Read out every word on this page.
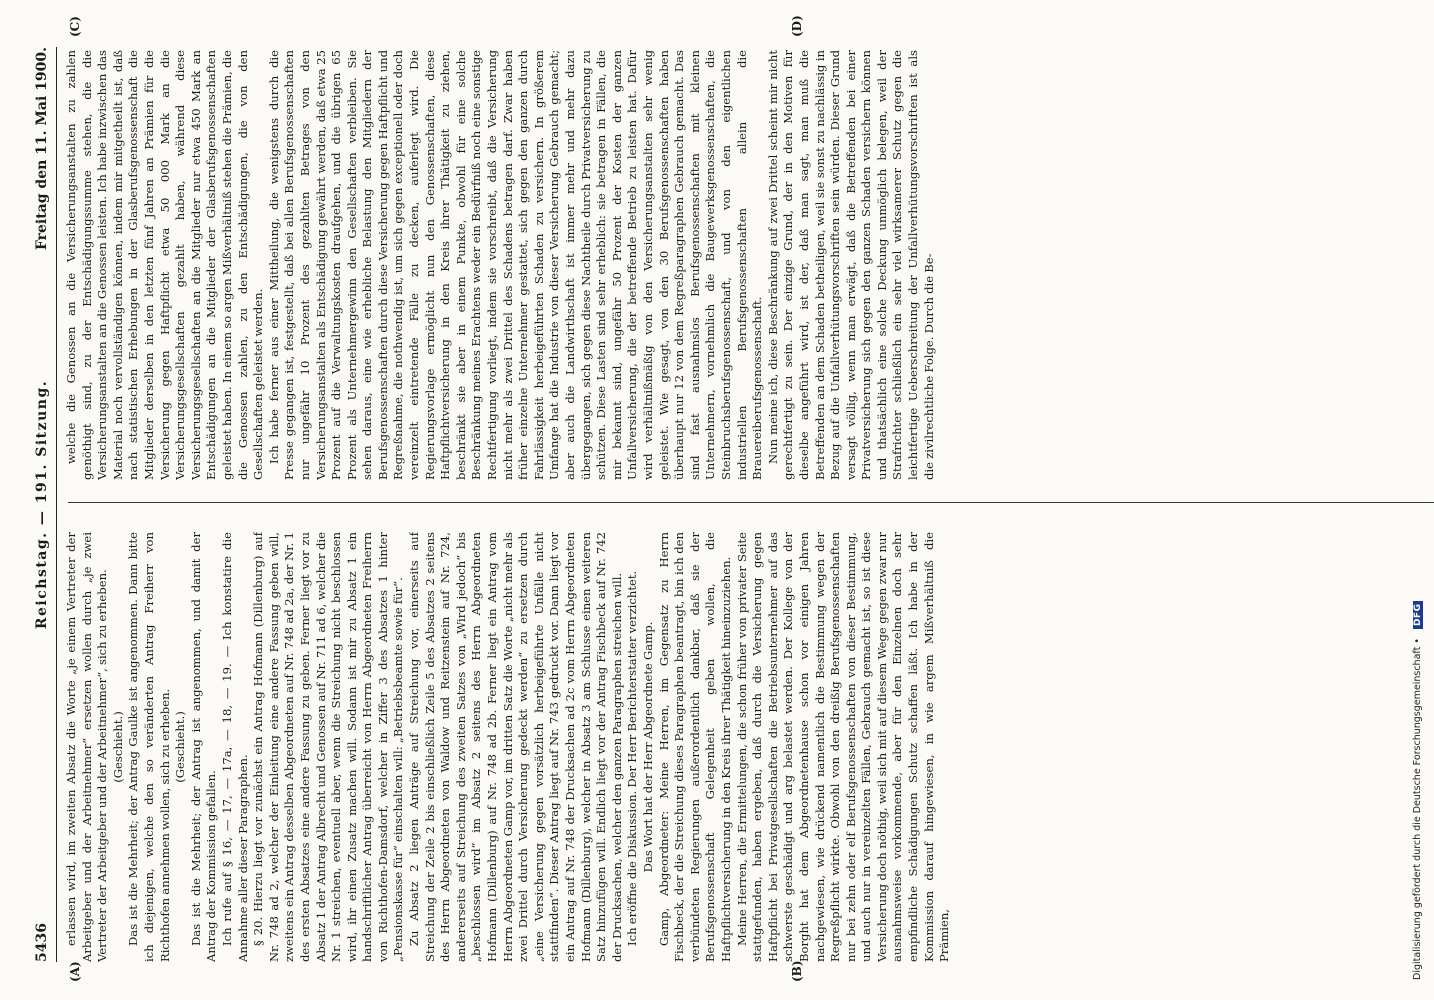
5436
Reichstag. — 191. Sitzung.
Freitag den 11. Mai 1900.
(A)	(B)
(C)	(D)

erlassen wird, im zweiten Absatz die Worte „je einem Vertreter der Arbeitgeber und der Arbeitnehmer“ ersetzen wollen durch „je zwei Vertreter der Arbeitgeber und der Arbeitnehmer“, sich zu erheben. (Geschieht.) Das ist die Mehrheit; der Antrag Gaulke ist angenommen. Dann bitte ich diejenigen, welche den so veränderten Antrag Freiherr von Richthofen annehmen wollen, sich zu erheben. (Geschieht.) Das ist die Mehrheit; der Antrag ist angenommen, und damit der Antrag der Kommission gefallen. Ich rufe auf § 16, — 17, — 17a, — 18, — 19. — Ich konstatire die Annahme aller dieser Paragraphen. § 20. Hierzu liegt vor zunächst ein Antrag Hofmann (Dillenburg) auf Nr. 748 ad 2, welcher der Einleitung eine andere Fassung geben will, zweitens ein Antrag desselben Abgeordneten auf Nr. 748 ad 2a, der Nr. 1 des ersten Absatzes eine andere Fassung zu geben. Ferner liegt vor zu Absatz 1 der Antrag Albrecht und Genossen auf Nr. 711 ad 6, welcher die Nr. 1 streichen, eventuell aber, wenn die Streichung nicht beschlossen wird, ihr einen Zusatz machen will. Sodann ist mir zu Absatz 1 ein handschriftlicher Antrag überreicht von Herrn Abgeordneten Freiherrn von Richthofen-Damsdorf, welcher in Ziffer 3 des Absatzes 1 hinter „Pensionskasse für“ einschalten will: „Betriebsbeamte sowie für“. Zu Absatz 2 liegen Anträge auf Streichung vor, einerseits auf Streichung der Zeile 2 bis einschließlich Zeile 5 des Absatzes 2 seitens des Herrn Abgeordneten von Waldow und Reitzenstein auf Nr. 724, andererseits auf Streichung des zweiten Satzes von „Wird jedoch“ bis „beschlossen wird“ im Absatz 2 seitens des Herrn Abgeordneten Hofmann (Dillenburg) auf Nr. 748 ad 2b. Ferner liegt ein Antrag vom Herrn Abgeordneten Gamp vor, im dritten Satz die Worte „nicht mehr als zwei Drittel durch Versicherung gedeckt werden“ zu ersetzen durch „eine Versicherung gegen vorsätzlich herbeigeführte Unfälle nicht stattfinden“. Dieser Antrag liegt auf Nr. 743 gedruckt vor. Dann liegt vor ein Antrag auf Nr. 748 der Drucksachen ad 2c vom Herrn Abgeordneten Hofmann (Dillenburg), welcher in Absatz 3 am Schlusse einen weiteren Satz hinzufügen will. Endlich liegt vor der Antrag Fischbeck auf Nr. 742 der Drucksachen, welcher den ganzen Paragraphen streichen will. Ich eröffne die Diskussion. Der Herr Berichterstatter verzichtet. Das Wort hat der Herr Abgeordnete Gamp. Gamp, Abgeordneter: Meine Herren, im Gegensatz zu Herrn Fischbeck, der die Streichung dieses Paragraphen beantragt, bin ich den verbündeten Regierungen außerordentlich dankbar, daß sie der Berufsgenossenschaft Gelegenheit geben wollen, die Haftpflichtversicherung in den Kreis ihrer Thätigkeit hineinzuziehen. Meine Herren, die Ermittelungen, die schon früher von privater Seite stattgefunden, haben ergeben, daß durch die Versicherung gegen Haftpflicht bei Privatgesellschaften die Betriebsunternehmer auf das schwerste geschädigt und arg belastet werden. Der Kollege von der Borght hat dem Abgeordnetenhause schon vor einigen Jahren nachgewiesen, wie drückend namentlich die Bestimmung wegen der Regreßpflicht wirkte. Obwohl von den dreißig Berufsgenossenschaften nur bei zehn oder elf Berufsgenossenschaften von dieser Bestimmung, und auch nur in vereinzelten Fällen, Gebrauch gemacht ist, so ist diese Versicherung doch nöthig, weil sich mit auf diesem Wege gegen zwar nur ausnahmsweise vorkommende, aber für den Einzelnen doch sehr empfindliche Schädigungen Schutz schaffen läßt. Ich habe in der Kommission darauf hingewiesen, in wie argem Mißverhältniß die Prämien,

welche die Genossen an die Versicherungsanstalten zu zahlen genöthigt sind, zu der Entschädigungssumme stehen, die die Versicherungsanstalten an die Genossen leisten. Ich habe inzwischen das Material noch vervollständigen können, indem mir mitgetheilt ist, daß nach statistischen Erhebungen in der Glasberufsgenossenschaft die Mitglieder derselben in den letzten fünf Jahren an Prämien für die Versicherung gegen Haftpflicht etwa 50 000 Mark an die Versicherungsgesellschaften gezahlt haben, während diese Versicherungsgesellschaften an die Mitglieder nur etwa 450 Mark an Entschädigungen an die Mitglieder der Glasberufsgenossenschaften geleistet haben. In einem so argen Mißverhältniß stehen die Prämien, die die Genossen zahlen, zu den Entschädigungen, die von den Gesellschaften geleistet werden. Ich habe ferner aus einer Mittheilung, die wenigstens durch die Presse gegangen ist, festgestellt, daß bei allen Berufsgenossenschaften nur ungefähr 10 Prozent des gezahlten Betrages von den Versicherungsanstalten als Entschädigung gewährt werden, daß etwa 25 Prozent auf die Verwaltungskosten draufgehen, und die übrigen 65 Prozent als Unternehmergewinn den Gesellschaften verbleiben. Sie sehen daraus, eine wie erhebliche Belastung den Mitgliedern der Berufsgenossenschaften durch diese Versicherung gegen Haftpflicht und Regreßnahme, die nothwendig ist, um sich gegen exceptionell oder doch vereinzelt eintretende Fälle zu decken, auferlegt wird. Die Regierungsvorlage ermöglicht nun den Genossenschaften, diese Haftpflichtversicherung in den Kreis ihrer Thätigkeit zu ziehen, beschränkt sie aber in einem Punkte, obwohl für eine solche Beschränkung meines Erachtens weder ein Bedürfniß noch eine sonstige Rechtfertigung vorliegt, indem sie vorschreibt, daß die Versicherung nicht mehr als zwei Drittel des Schadens betragen darf. Zwar haben früher einzelne Unternehmer gestattet, sich gegen den ganzen durch Fahrlässigkeit herbeigeführten Schaden zu versichern. In größerem Umfange hat die Industrie von dieser Versicherung Gebrauch gemacht; aber auch die Landwirthschaft ist immer mehr und mehr dazu übergegangen, sich gegen diese Nachtheile durch Privatversicherung zu schützen. Diese Lasten sind sehr erheblich: sie betragen in Fällen, die mir bekannt sind, ungefähr 50 Prozent der Kosten der ganzen Unfallversicherung, die der betreffende Betrieb zu leisten hat. Dafür wird verhältnißmäßig von den Versicherungsanstalten sehr wenig geleistet. Wie gesagt, von den 30 Berufsgenossenschaften haben überhaupt nur 12 von dem Regreßparagraphen Gebrauch gemacht. Das sind fast ausnahmslos Berufsgenossenschaften mit kleinen Unternehmern, vornehmlich die Baugewerksgenossenschaften, die Steinbruchsberufsgenossenschaft, und von den eigentlichen industriellen Berufsgenossenschaften allein die Brauereiberufsgenossenschaft. Nun meine ich, diese Beschränkung auf zwei Drittel scheint mir nicht gerechtfertigt zu sein. Der einzige Grund, der in den Motiven für dieselbe angeführt wird, ist der, daß man sagt, man muß die Betreffenden an dem Schaden betheiligen, weil sie sonst zu nachlässig in Bezug auf die Unfallverhütungsvorschriften sein würden. Dieser Grund versagt völlig, wenn man erwägt, daß die Betreffenden bei einer Privatversicherung sich gegen den ganzen Schaden versichern können und thatsächlich eine solche Deckung unmöglich belegen, weil der Strafrichter schließlich ein sehr viel wirksamerer Schutz gegen die leichtfertige Ueberschreitung der Unfallverhütungsvorschriften ist als die zivilrechtliche Folge. Durch die Be-

Digitalisierung gefördert durch die Deutsche Forschungsgemeinschaft • DFG
